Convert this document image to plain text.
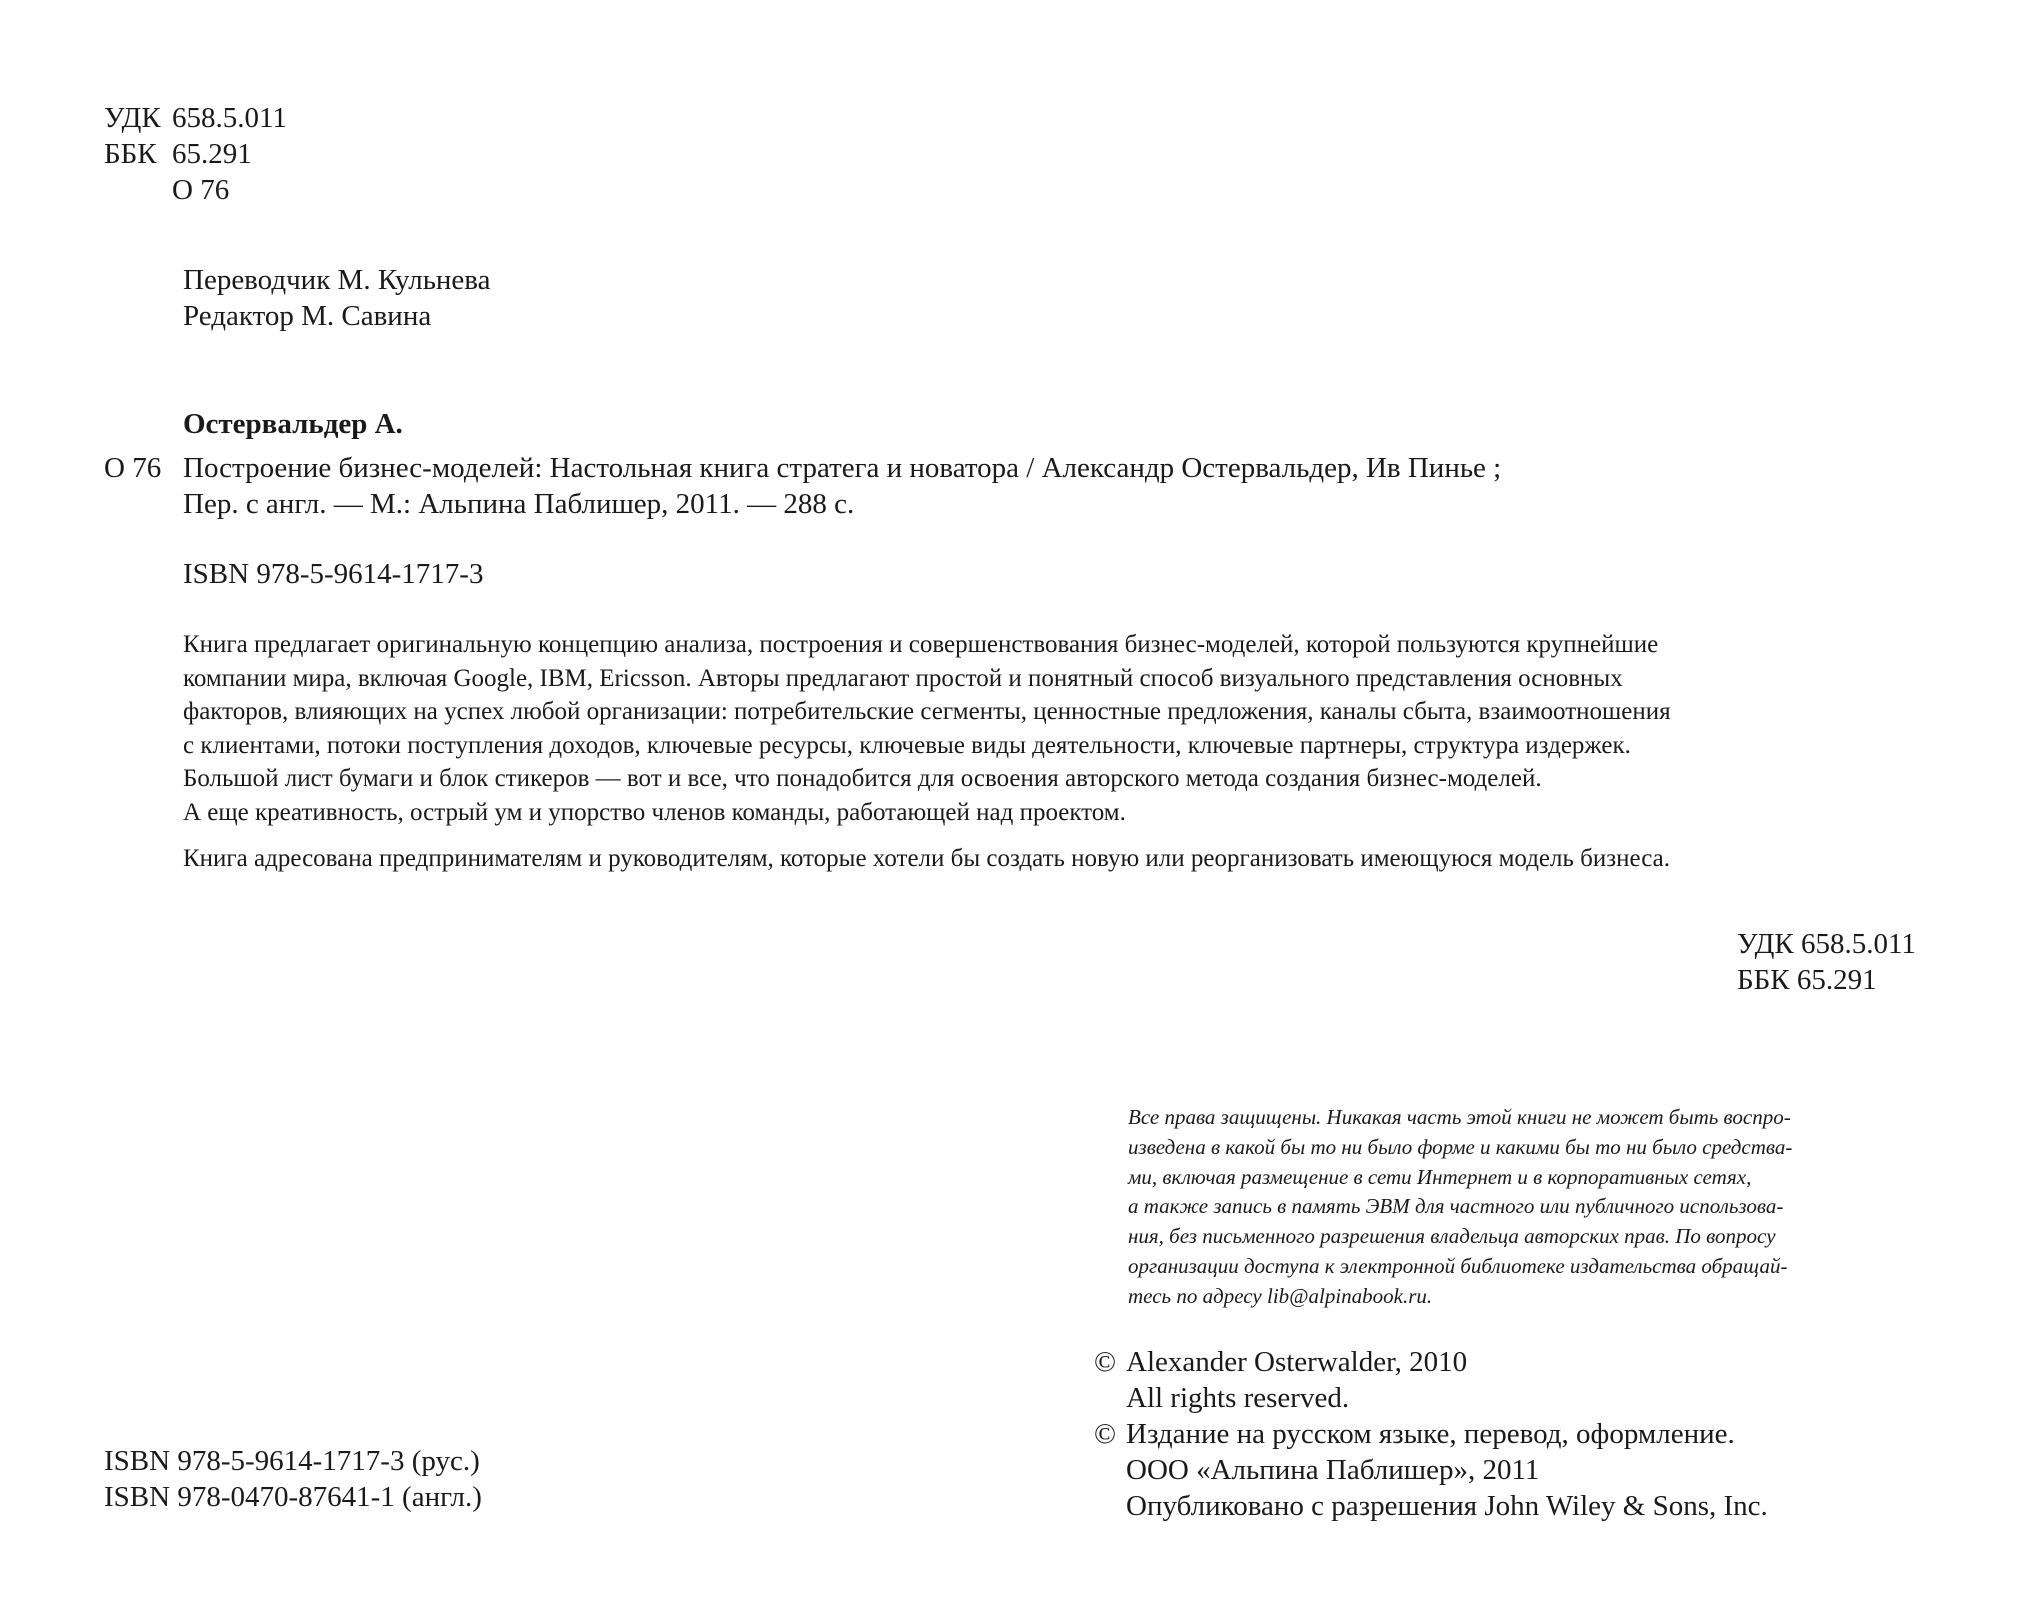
УДК 658.5.011
ББК 65.291
О 76
Переводчик М. Кульнева
Редактор М. Савина
Остервальдер А.
О 76 Построение бизнес-моделей: Настольная книга стратега и новатора / Александр Остервальдер, Ив Пинье ;
Пер. с англ. — М.: Альпина Паблишер, 2011. — 288 с.
ISBN 978-5-9614-1717-3

Книга предлагает оригинальную концепцию анализа, построения и совершенствования бизнес-моделей, которой пользуются крупнейшие

компании мира, включая Google, IBM, Ericsson. Авторы предлагают простой и понятный способ визуального представления основных

факторов, влияющих на успех любой организации: потребительские сегменты, ценностные предложения, каналы сбыта, взаимоотношения

с клиентами, потоки поступления доходов, ключевые ресурсы, ключевые виды деятельности, ключевые партнеры, структура издержек.

Большой лист бумаги и блок стикеров — вот и все, что понадобится для освоения авторского метода создания бизнес-моделей.

А еще креативность, острый ум и упорство членов команды, работающей над проектом.

Книга адресована предпринимателям и руководителям, которые хотели бы создать новую или реорганизовать имеющуюся модель бизнеса.
УДК 658.5.011
ББК 65.291

Все права защищены. Никакая часть этой книги не может быть воспро-

изведена в какой бы то ни было форме и какими бы то ни было средства-

ми, включая размещение в сети Интернет и в корпоративных сетях,

а также запись в память ЭВМ для частного или публичного использова-

ния, без письменного разрешения владельца авторских прав. По вопросу

организации доступа к электронной библиотеке издательства обращай-

тесь по адресу lib@alpinabook.ru.

© Alexander Osterwalder, 2010
All rights reserved.
© Издание на русском языке, перевод, оформление.
ООО «Альпина Паблишер», 2011
Опубликовано с разрешения John Wiley & Sons, Inc.
ISBN 978-5-9614-1717-3 (рус.)
ISBN 978-0470-87641-1 (англ.)
